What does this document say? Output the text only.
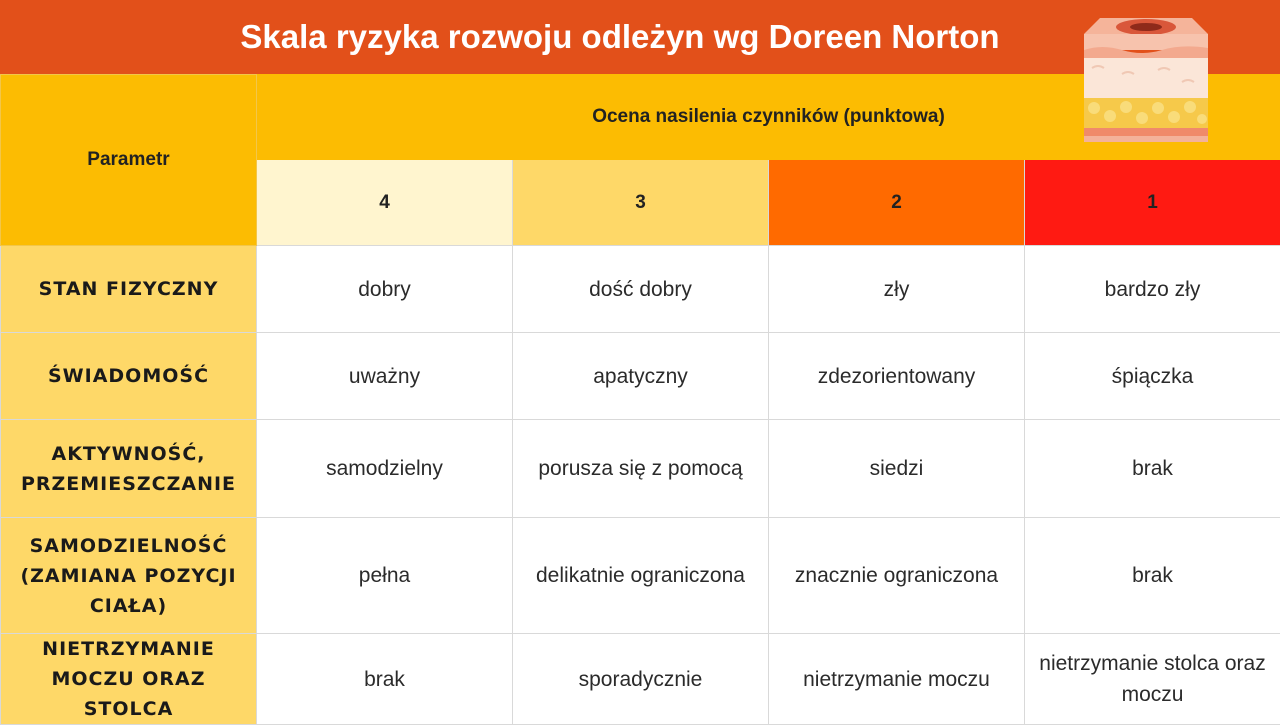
Skala ryzyka rozwoju odleżyn wg Doreen Norton
Parametr	Ocena nasilenia czynników (punktowa)			
	4	3	2	1
STAN FIZYCZNY	dobry	dość dobry	zły	bardzo zły
ŚWIADOMOŚĆ	uważny	apatyczny	zdezorientowany	śpiączka
AKTYWNOŚĆ, PRZEMIESZCZANIE	samodzielny	porusza się z pomocą	siedzi	brak
SAMODZIELNOŚĆ (ZAMIANA POZYCJI CIAŁA)	pełna	delikatnie ograniczona	znacznie ograniczona	brak
NIETRZYMANIE MOCZU ORAZ STOLCA	brak	sporadycznie	nietrzymanie moczu	nietrzymanie stolca oraz moczu
